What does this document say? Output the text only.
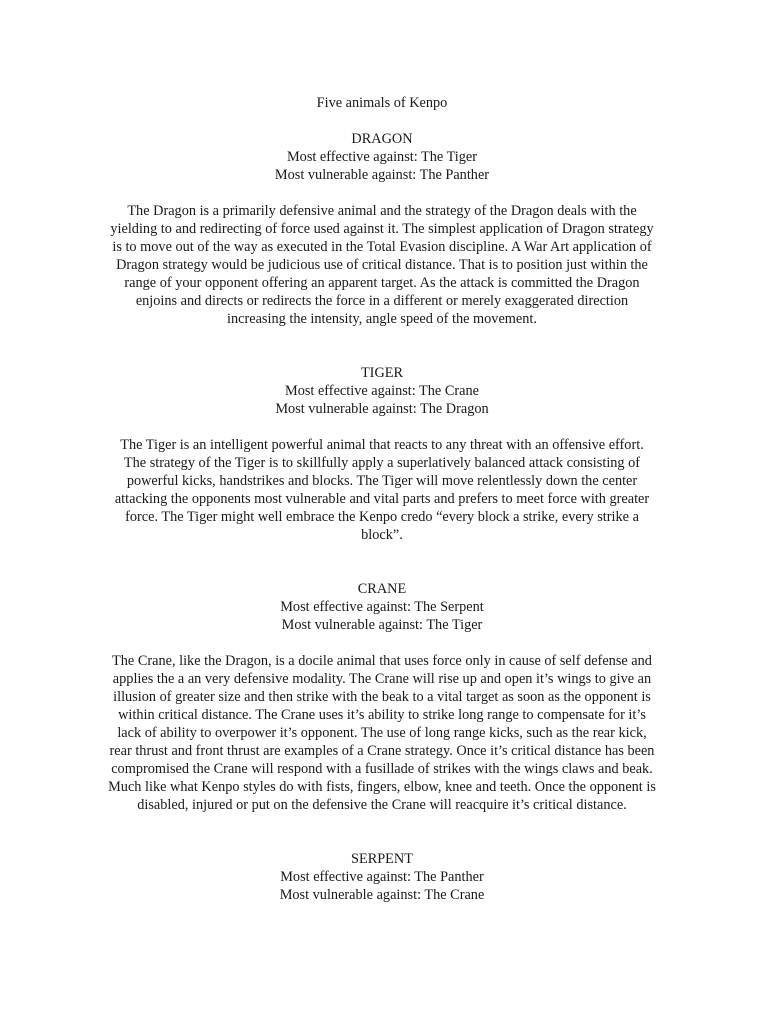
Five animals of Kenpo

DRAGON
Most effective against: The Tiger
Most vulnerable against: The Panther

The Dragon is a primarily defensive animal and the strategy of the Dragon deals with the yielding to and redirecting of force used against it. The simplest application of Dragon strategy is to move out of the way as executed in the Total Evasion discipline. A War Art application of Dragon strategy would be judicious use of critical distance. That is to position just within the range of your opponent offering an apparent target. As the attack is committed the Dragon enjoins and directs or redirects the force in a different or merely exaggerated direction increasing the intensity, angle speed of the movement.

TIGER
Most effective against: The Crane
Most vulnerable against: The Dragon

The Tiger is an intelligent powerful animal that reacts to any threat with an offensive effort. The strategy of the Tiger is to skillfully apply a superlatively balanced attack consisting of powerful kicks, handstrikes and blocks. The Tiger will move relentlessly down the center attacking the opponents most vulnerable and vital parts and prefers to meet force with greater force. The Tiger might well embrace the Kenpo credo “every block a strike, every strike a block”.

CRANE
Most effective against: The Serpent
Most vulnerable against: The Tiger

The Crane, like the Dragon, is a docile animal that uses force only in cause of self defense and applies the a an very defensive modality. The Crane will rise up and open it’s wings to give an illusion of greater size and then strike with the beak to a vital target as soon as the opponent is within critical distance. The Crane uses it’s ability to strike long range to compensate for it’s lack of ability to overpower it’s opponent. The use of long range kicks, such as the rear kick, rear thrust and front thrust are examples of a Crane strategy. Once it’s critical distance has been compromised the Crane will respond with a fusillade of strikes with the wings claws and beak. Much like what Kenpo styles do with fists, fingers, elbow, knee and teeth. Once the opponent is disabled, injured or put on the defensive the Crane will reacquire it’s critical distance.

SERPENT
Most effective against: The Panther
Most vulnerable against: The Crane
